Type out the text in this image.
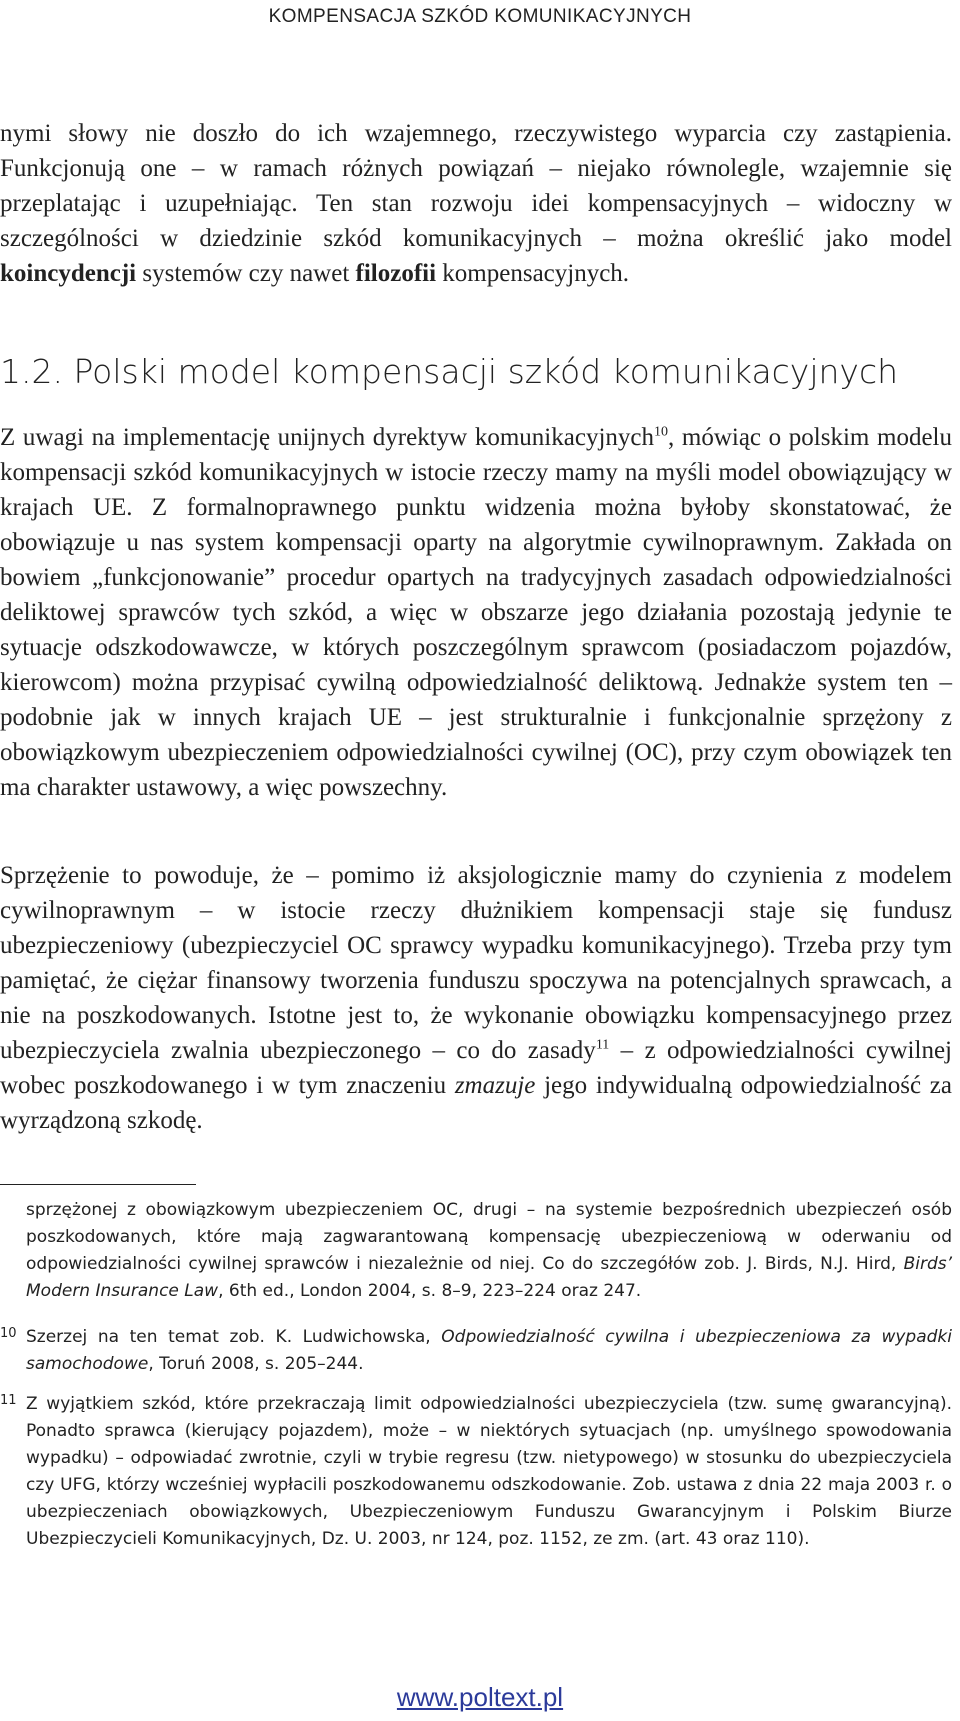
KOMPENSACJA SZKÓD KOMUNIKACYJNYCH

nymi słowy nie doszło do ich wzajemnego, rzeczywistego wyparcia czy zastąpienia. Funkcjonują one – w ramach różnych powiązań – niejako równolegle, wzajemnie się przeplatając i uzupełniając. Ten stan rozwoju idei kompensacyjnych – widoczny w szczególności w dziedzinie szkód komunikacyjnych – można określić jako model koincydencji systemów czy nawet filozofii kompensacyjnych.

1.2. Polski model kompensacji szkód komunikacyjnych

Z uwagi na implementację unijnych dyrektyw komunikacyjnych$^{10}$, mówiąc o polskim modelu kompensacji szkód komunikacyjnych w istocie rzeczy mamy na myśli model obowiązujący w krajach UE. Z formalnoprawnego punktu widzenia można byłoby skonstatować, że obowiązuje u nas system kompensacji oparty na algorytmie cywilnoprawnym. Zakłada on bowiem „funkcjonowanie” procedur opartych na tradycyjnych zasadach odpowiedzialności deliktowej sprawców tych szkód, a więc w obszarze jego działania pozostają jedynie te sytuacje odszkodowawcze, w których poszczególnym sprawcom (posiadaczom pojazdów, kierowcom) można przypisać cywilną odpowiedzialność deliktową. Jednakże system ten – podobnie jak w innych krajach UE – jest strukturalnie i funkcjonalnie sprzężony z obowiązkowym ubezpieczeniem odpowiedzialności cywilnej (OC), przy czym obowiązek ten ma charakter ustawowy, a więc powszechny.

Sprzężenie to powoduje, że – pomimo iż aksjologicznie mamy do czynienia z modelem cywilnoprawnym – w istocie rzeczy dłużnikiem kompensacji staje się fundusz ubezpieczeniowy (ubezpieczyciel OC sprawcy wypadku komunikacyjnego). Trzeba przy tym pamiętać, że ciężar finansowy tworzenia funduszu spoczywa na potencjalnych sprawcach, a nie na poszkodowanych. Istotne jest to, że wykonanie obowiązku kompensacyjnego przez ubezpieczyciela zwalnia ubezpieczonego – co do zasady$^{11}$ – z odpowiedzialności cywilnej wobec poszkodowanego i w tym znaczeniu zmazuje jego indywidualną odpowiedzialność za wyrządzoną szkodę.

sprzężonej z obowiązkowym ubezpieczeniem OC, drugi – na systemie bezpośrednich ubezpieczeń osób poszkodowanych, które mają zagwarantowaną kompensację ubezpieczeniową w oderwaniu od odpowiedzialności cywilnej sprawców i niezależnie od niej. Co do szczegółów zob. J. Birds, N.J. Hird, Birds’ Modern Insurance Law, 6th ed., London 2004, s. 8–9, 223–224 oraz 247.
10 Szerzej na ten temat zob. K. Ludwichowska, Odpowiedzialność cywilna i ubezpieczeniowa za wypadki samochodowe, Toruń 2008, s. 205–244.
11 Z wyjątkiem szkód, które przekraczają limit odpowiedzialności ubezpieczyciela (tzw. sumę gwarancyjną). Ponadto sprawca (kierujący pojazdem), może – w niektórych sytuacjach (np. umyślnego spowodowania wypadku) – odpowiadać zwrotnie, czyli w trybie regresu (tzw. nietypowego) w stosunku do ubezpieczyciela czy UFG, którzy wcześniej wypłacili poszkodowanemu odszkodowanie. Zob. ustawa z dnia 22 maja 2003 r. o ubezpieczeniach obowiązkowych, Ubezpieczeniowym Funduszu Gwarancyjnym i Polskim Biurze Ubezpieczycieli Komunikacyjnych, Dz. U. 2003, nr 124, poz. 1152, ze zm. (art. 43 oraz 110).
www.poltext.pl
